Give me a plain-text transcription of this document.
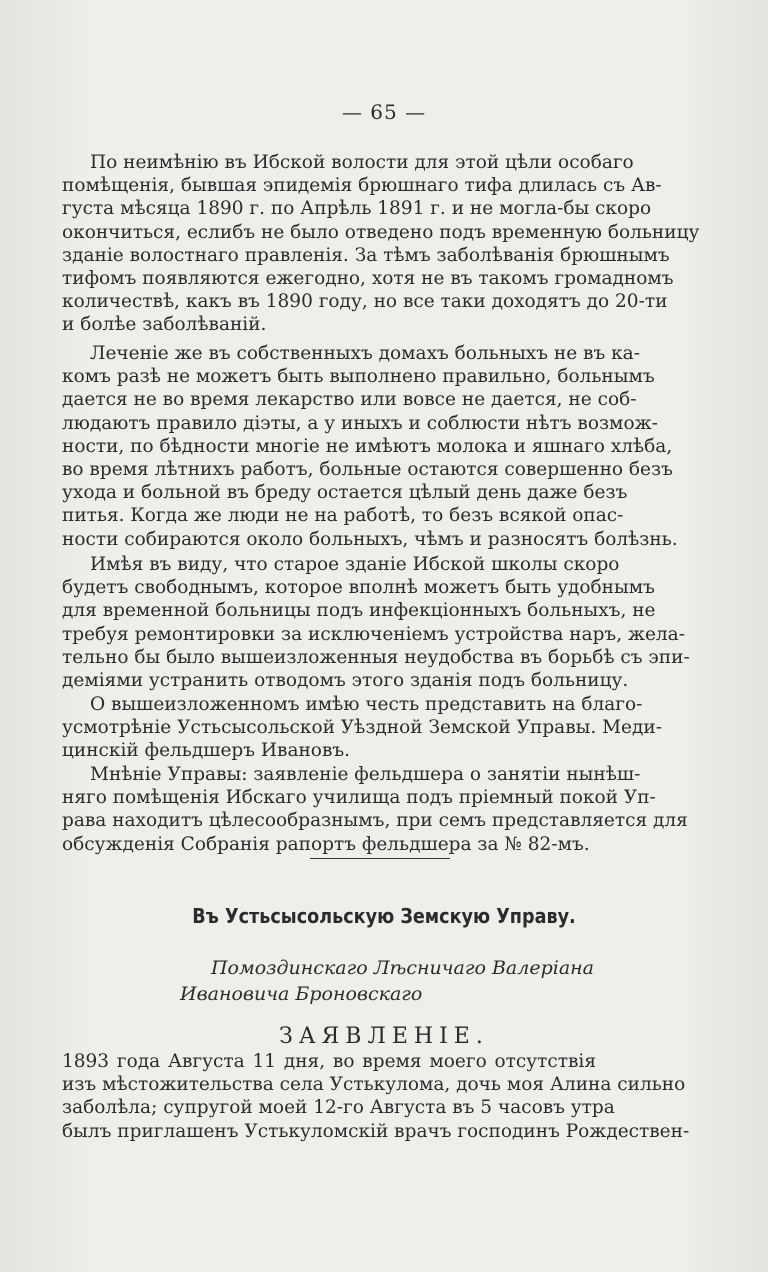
— 65 —
По неимѣнію въ Ибской волости для этой цѣли особаго
помѣщенія, бывшая эпидемія брюшнаго тифа длилась съ Ав-
густа мѣсяца 1890 г. по Апрѣль 1891 г. и не могла-бы скоро
окончиться, еслибъ не было отведено подъ временную больницу
зданіе волостнаго правленія. За тѣмъ заболѣванія брюшнымъ
тифомъ появляются ежегодно, хотя не въ такомъ громадномъ
количествѣ, какъ въ 1890 году, но все таки доходятъ до 20-ти
и болѣе заболѣваній.
Леченіе же въ собственныхъ домахъ больныхъ не въ ка-
комъ разѣ не можетъ быть выполнено правильно, больнымъ
дается не во время лекарство или вовсе не дается, не соб-
людаютъ правило діэты, а у иныхъ и соблюсти нѣтъ возмож-
ности, по бѣдности многіе не имѣютъ молока и яшнаго хлѣба,
во время лѣтнихъ работъ, больные остаются совершенно безъ
ухода и больной въ бреду остается цѣлый день даже безъ
питья. Когда же люди не на работѣ, то безъ всякой опас-
ности собираются около больныхъ, чѣмъ и разносятъ болѣзнь.
Имѣя въ виду, что старое зданіе Ибской школы скоро
будетъ свободнымъ, которое вполнѣ можетъ быть удобнымъ
для временной больницы подъ инфекціонныхъ больныхъ, не
требуя ремонтировки за исключеніемъ устройства наръ, жела-
тельно бы было вышеизложенныя неудобства въ борьбѣ съ эпи-
деміями устранить отводомъ этого зданія подъ больницу.
О вышеизложенномъ имѣю честь представить на благо-
усмотрѣніе Устьсысольской Уѣздной Земской Управы. Меди-
цинскій фельдшеръ Ивановъ.
Мнѣніе Управы: заявленіе фельдшера о занятіи нынѣш-
няго помѣщенія Ибскаго училища подъ пріемный покой Уп-
рава находитъ цѣлесообразнымъ, при семъ представляется для
обсужденія Собранія рапортъ фельдшера за № 82-мъ.
Въ Устьсысольскую Земскую Управу.
Помоздинскаго Лѣсничаго Валеріана
Ивановича Броновскаго
ЗАЯВЛЕНІЕ.
1893 года Августа 11 дня, во время моего отсутствія
изъ мѣстожительства села Устькулома, дочь моя Алина сильно
заболѣла; супругой моей 12-го Августа въ 5 часовъ утра
былъ приглашенъ Устькуломскій врачъ господинъ Рождествен-
